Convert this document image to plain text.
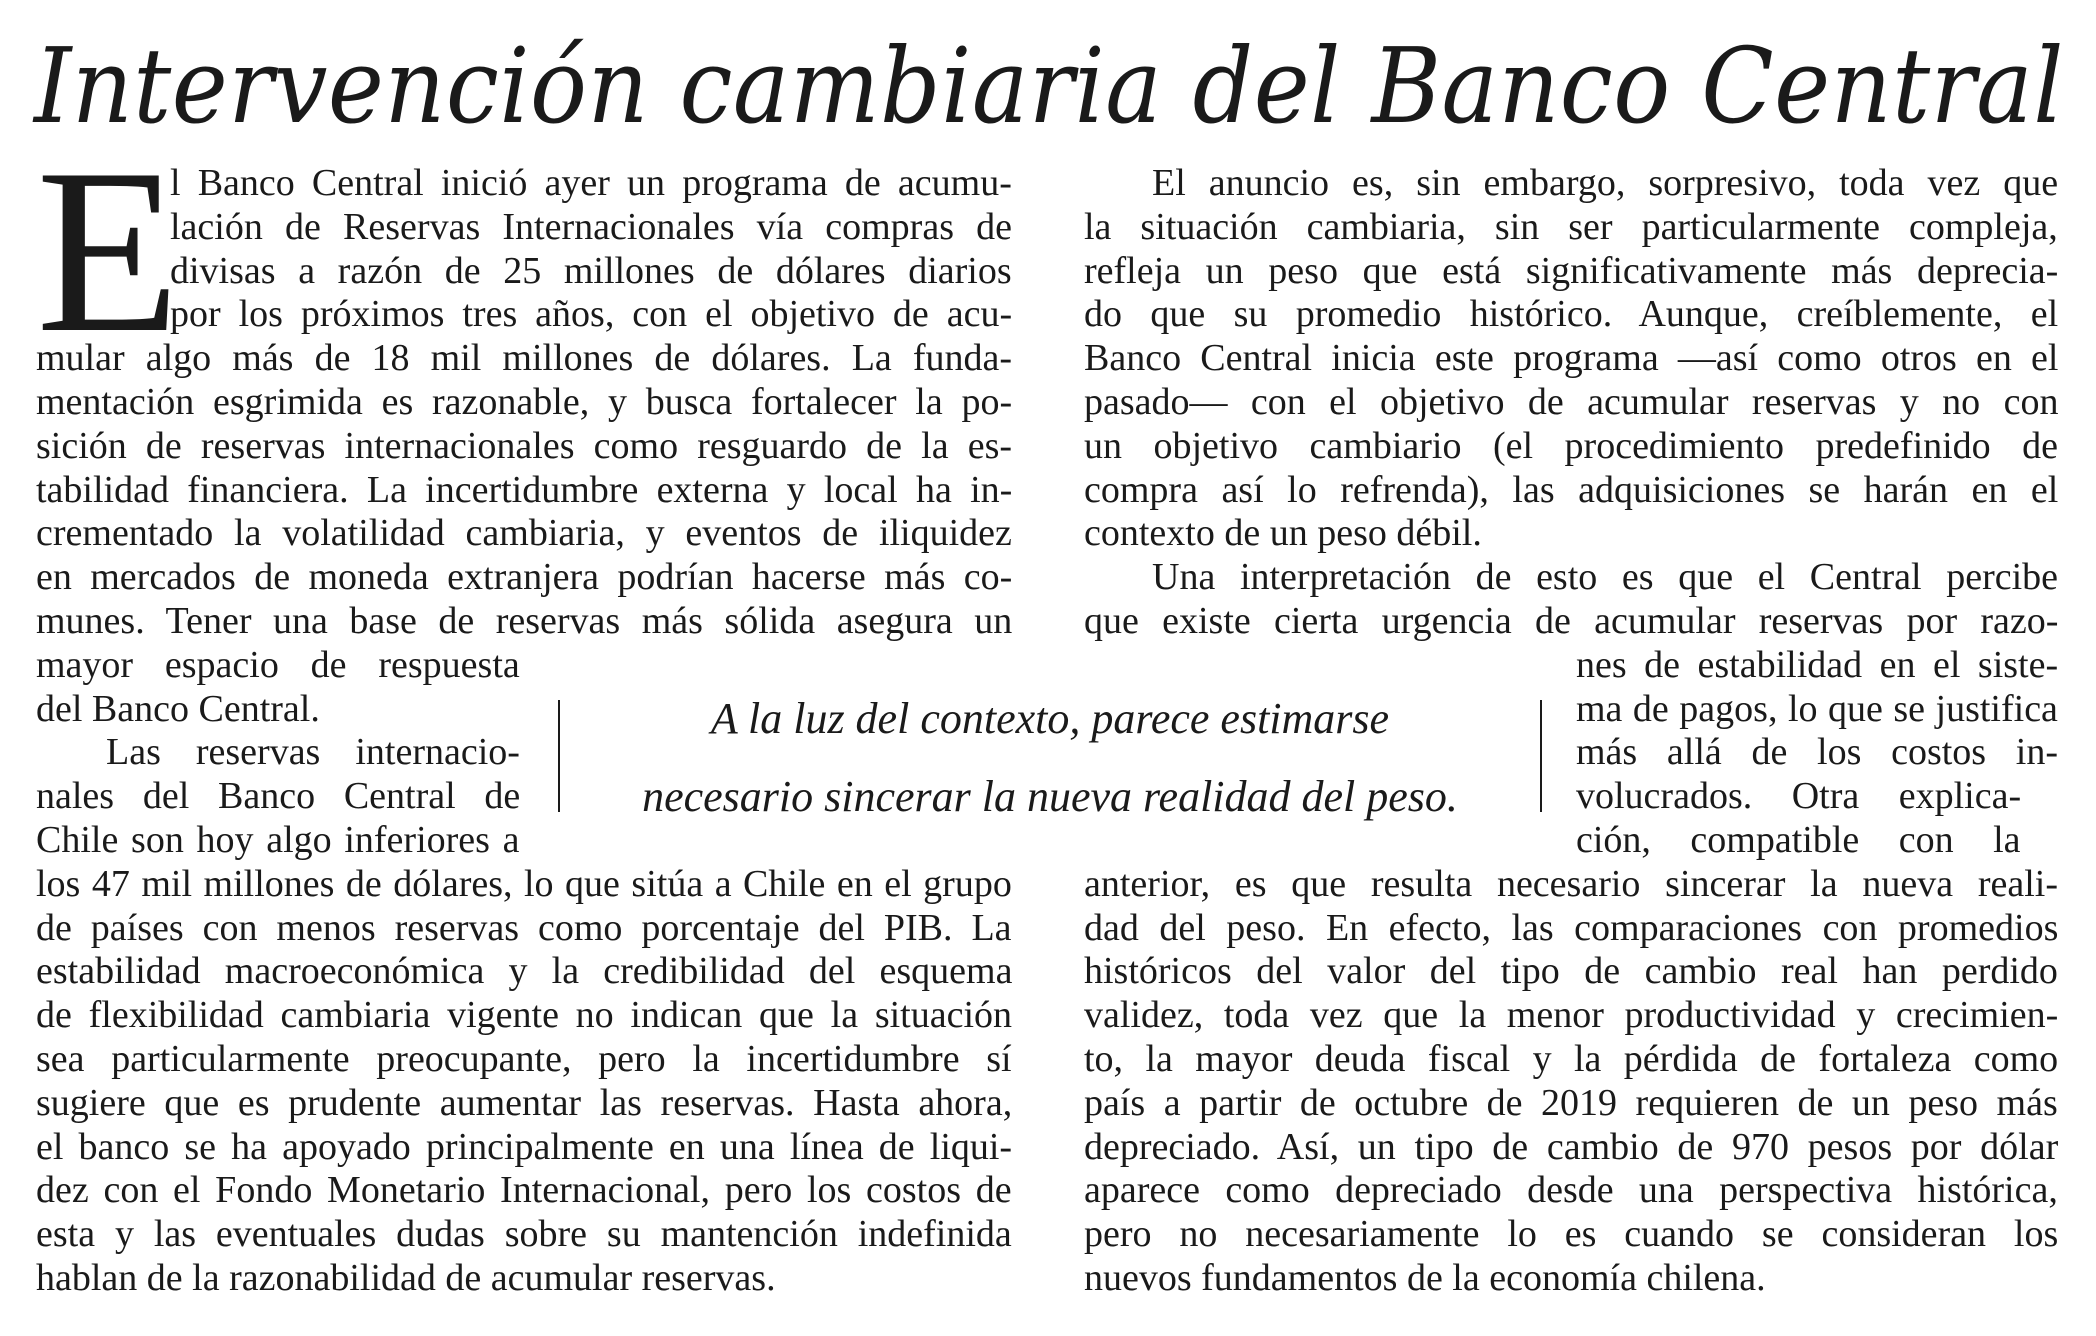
Intervención cambiaria del Banco Central
E
l Banco Central inició ayer un programa de acumu-
lación de Reservas Internacionales vía compras de
divisas a razón de 25 millones de dólares diarios
por los próximos tres años, con el objetivo de acu-
mular algo más de 18 mil millones de dólares. La funda-
mentación esgrimida es razonable, y busca fortalecer la po-
sición de reservas internacionales como resguardo de la es-
tabilidad financiera. La incertidumbre externa y local ha in-
crementado la volatilidad cambiaria, y eventos de iliquidez
en mercados de moneda extranjera podrían hacerse más co-
munes. Tener una base de reservas más sólida asegura un
mayor espacio de respuesta
del Banco Central.
Las reservas internacio-
nales del Banco Central de
Chile son hoy algo inferiores a
los 47 mil millones de dólares, lo que sitúa a Chile en el grupo
de países con menos reservas como porcentaje del PIB. La
estabilidad macroeconómica y la credibilidad del esquema
de flexibilidad cambiaria vigente no indican que la situación
sea particularmente preocupante, pero la incertidumbre sí
sugiere que es prudente aumentar las reservas. Hasta ahora,
el banco se ha apoyado principalmente en una línea de liqui-
dez con el Fondo Monetario Internacional, pero los costos de
esta y las eventuales dudas sobre su mantención indefinida
hablan de la razonabilidad de acumular reservas.
El anuncio es, sin embargo, sorpresivo, toda vez que
la situación cambiaria, sin ser particularmente compleja,
refleja un peso que está significativamente más deprecia-
do que su promedio histórico. Aunque, creíblemente, el
Banco Central inicia este programa —así como otros en el
pasado— con el objetivo de acumular reservas y no con
un objetivo cambiario (el procedimiento predefinido de
compra así lo refrenda), las adquisiciones se harán en el
contexto de un peso débil.
Una interpretación de esto es que el Central percibe
que existe cierta urgencia de acumular reservas por razo-
nes de estabilidad en el siste-
ma de pagos, lo que se justifica
más allá de los costos in-
volucrados. Otra explica-
ción, compatible con la
anterior, es que resulta necesario sincerar la nueva reali-
dad del peso. En efecto, las comparaciones con promedios
históricos del valor del tipo de cambio real han perdido
validez, toda vez que la menor productividad y crecimien-
to, la mayor deuda fiscal y la pérdida de fortaleza como
país a partir de octubre de 2019 requieren de un peso más
depreciado. Así, un tipo de cambio de 970 pesos por dólar
aparece como depreciado desde una perspectiva histórica,
pero no necesariamente lo es cuando se consideran los
nuevos fundamentos de la economía chilena.
A la luz del contexto, parece estimarse
necesario sincerar la nueva realidad del peso.
